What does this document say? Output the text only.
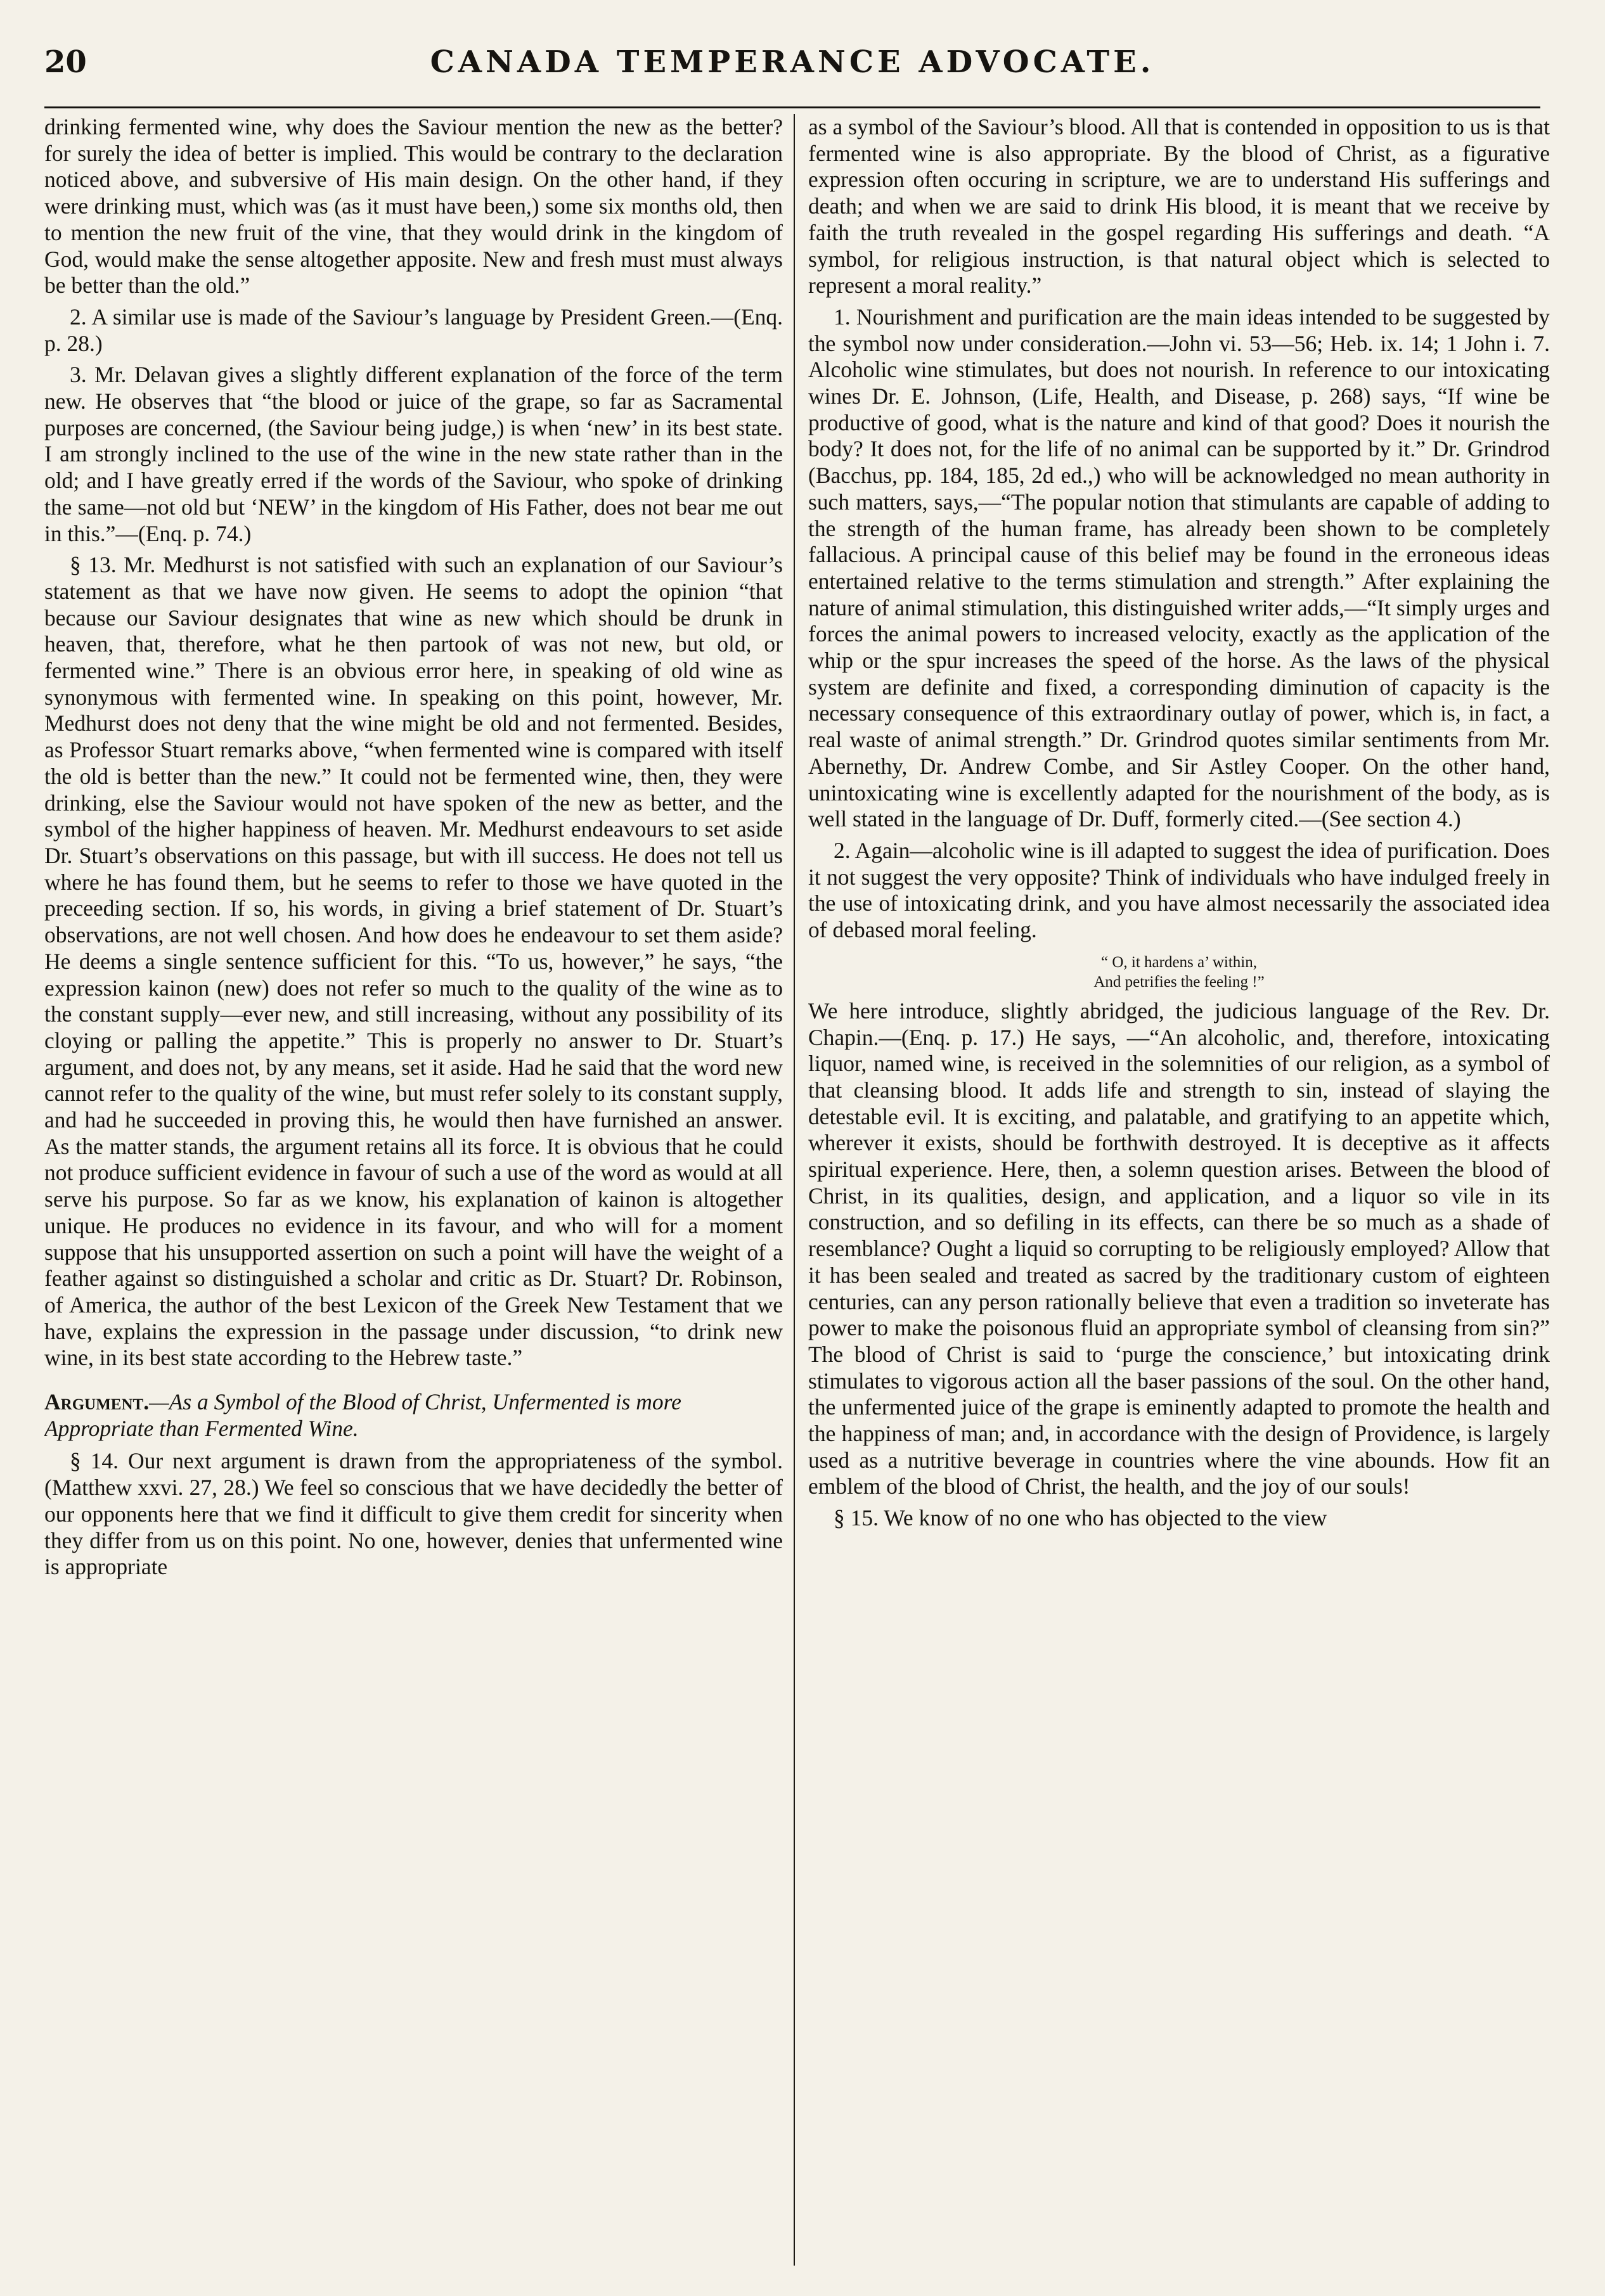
20	CANADA TEMPERANCE ADVOCATE.

drinking fermented wine, why does the Saviour mention the new as the better? for surely the idea of better is implied. This would be contrary to the declaration noticed above, and subversive of His main design. On the other hand, if they were drinking must, which was (as it must have been,) some six months old, then to mention the new fruit of the vine, that they would drink in the kingdom of God, would make the sense altogether apposite. New and fresh must must always be better than the old.”

2. A similar use is made of the Saviour’s language by President Green.—(Enq. p. 28.)

3. Mr. Delavan gives a slightly different explanation of the force of the term new. He observes that “the blood or juice of the grape, so far as Sacramental purposes are concerned, (the Saviour being judge,) is when ‘new’ in its best state. I am strongly inclined to the use of the wine in the new state rather than in the old; and I have greatly erred if the words of the Saviour, who spoke of drinking the same—not old but ‘NEW’ in the kingdom of His Father, does not bear me out in this.”—(Enq. p. 74.)

§ 13. Mr. Medhurst is not satisfied with such an explanation of our Saviour’s statement as that we have now given. He seems to adopt the opinion “that because our Saviour designates that wine as new which should be drunk in heaven, that, therefore, what he then partook of was not new, but old, or fermented wine.” There is an obvious error here, in speaking of old wine as synonymous with fermented wine. In speaking on this point, however, Mr. Medhurst does not deny that the wine might be old and not fermented. Besides, as Professor Stuart remarks above, “when fermented wine is compared with itself the old is better than the new.” It could not be fermented wine, then, they were drinking, else the Saviour would not have spoken of the new as better, and the symbol of the higher happiness of heaven. Mr. Medhurst endeavours to set aside Dr. Stuart’s observations on this passage, but with ill success. He does not tell us where he has found them, but he seems to refer to those we have quoted in the preceeding section. If so, his words, in giving a brief statement of Dr. Stuart’s observations, are not well chosen. And how does he endeavour to set them aside? He deems a single sentence sufficient for this. “To us, however,” he says, “the expression kainon (new) does not refer so much to the quality of the wine as to the constant supply—ever new, and still increasing, without any possibility of its cloying or palling the appetite.” This is properly no answer to Dr. Stuart’s argument, and does not, by any means, set it aside. Had he said that the word new cannot refer to the quality of the wine, but must refer solely to its constant supply, and had he succeeded in proving this, he would then have furnished an answer. As the matter stands, the argument retains all its force. It is obvious that he could not produce sufficient evidence in favour of such a use of the word as would at all serve his purpose. So far as we know, his explanation of kainon is altogether unique. He produces no evidence in its favour, and who will for a moment suppose that his unsupported assertion on such a point will have the weight of a feather against so distinguished a scholar and critic as Dr. Stuart? Dr. Robinson, of America, the author of the best Lexicon of the Greek New Testament that we have, explains the expression in the passage under discussion, “to drink new wine, in its best state according to the Hebrew taste.”

Argument.—As a Symbol of the Blood of Christ, Unfermented is more Appropriate than Fermented Wine.

§ 14. Our next argument is drawn from the appropriateness of the symbol. (Matthew xxvi. 27, 28.) We feel so conscious that we have decidedly the better of our opponents here that we find it difficult to give them credit for sincerity when they differ from us on this point. No one, however, denies that unfermented wine is appropriate

as a symbol of the Saviour’s blood. All that is contended in opposition to us is that fermented wine is also appropriate. By the blood of Christ, as a figurative expression often occuring in scripture, we are to understand His sufferings and death; and when we are said to drink His blood, it is meant that we receive by faith the truth revealed in the gospel regarding His sufferings and death. “A symbol, for religious instruction, is that natural object which is selected to represent a moral reality.”

1. Nourishment and purification are the main ideas intended to be suggested by the symbol now under consideration.—John vi. 53—56; Heb. ix. 14; 1 John i. 7. Alcoholic wine stimulates, but does not nourish. In reference to our intoxicating wines Dr. E. Johnson, (Life, Health, and Disease, p. 268) says, “If wine be productive of good, what is the nature and kind of that good? Does it nourish the body? It does not, for the life of no animal can be supported by it.” Dr. Grindrod (Bacchus, pp. 184, 185, 2d ed.,) who will be acknowledged no mean authority in such matters, says,—“The popular notion that stimulants are capable of adding to the strength of the human frame, has already been shown to be completely fallacious. A principal cause of this belief may be found in the erroneous ideas entertained relative to the terms stimulation and strength.” After explaining the nature of animal stimulation, this distinguished writer adds,—“It simply urges and forces the animal powers to increased velocity, exactly as the application of the whip or the spur increases the speed of the horse. As the laws of the physical system are definite and fixed, a corresponding diminution of capacity is the necessary consequence of this extraordinary outlay of power, which is, in fact, a real waste of animal strength.” Dr. Grindrod quotes similar sentiments from Mr. Abernethy, Dr. Andrew Combe, and Sir Astley Cooper. On the other hand, unintoxicating wine is excellently adapted for the nourishment of the body, as is well stated in the language of Dr. Duff, formerly cited.—(See section 4.)

2. Again—alcoholic wine is ill adapted to suggest the idea of purification. Does it not suggest the very opposite? Think of individuals who have indulged freely in the use of intoxicating drink, and you have almost necessarily the associated idea of debased moral feeling.

“ O, it hardens a’ within,
And petrifies the feeling !”

We here introduce, slightly abridged, the judicious language of the Rev. Dr. Chapin.—(Enq. p. 17.) He says, —“An alcoholic, and, therefore, intoxicating liquor, named wine, is received in the solemnities of our religion, as a symbol of that cleansing blood. It adds life and strength to sin, instead of slaying the detestable evil. It is exciting, and palatable, and gratifying to an appetite which, wherever it exists, should be forthwith destroyed. It is deceptive as it affects spiritual experience. Here, then, a solemn question arises. Between the blood of Christ, in its qualities, design, and application, and a liquor so vile in its construction, and so defiling in its effects, can there be so much as a shade of resemblance? Ought a liquid so corrupting to be religiously employed? Allow that it has been sealed and treated as sacred by the traditionary custom of eighteen centuries, can any person rationally believe that even a tradition so inveterate has power to make the poisonous fluid an appropriate symbol of cleansing from sin?” The blood of Christ is said to ‘purge the conscience,’ but intoxicating drink stimulates to vigorous action all the baser passions of the soul. On the other hand, the unfermented juice of the grape is eminently adapted to promote the health and the happiness of man; and, in accordance with the design of Providence, is largely used as a nutritive beverage in countries where the vine abounds. How fit an emblem of the blood of Christ, the health, and the joy of our souls!

§ 15. We know of no one who has objected to the view
